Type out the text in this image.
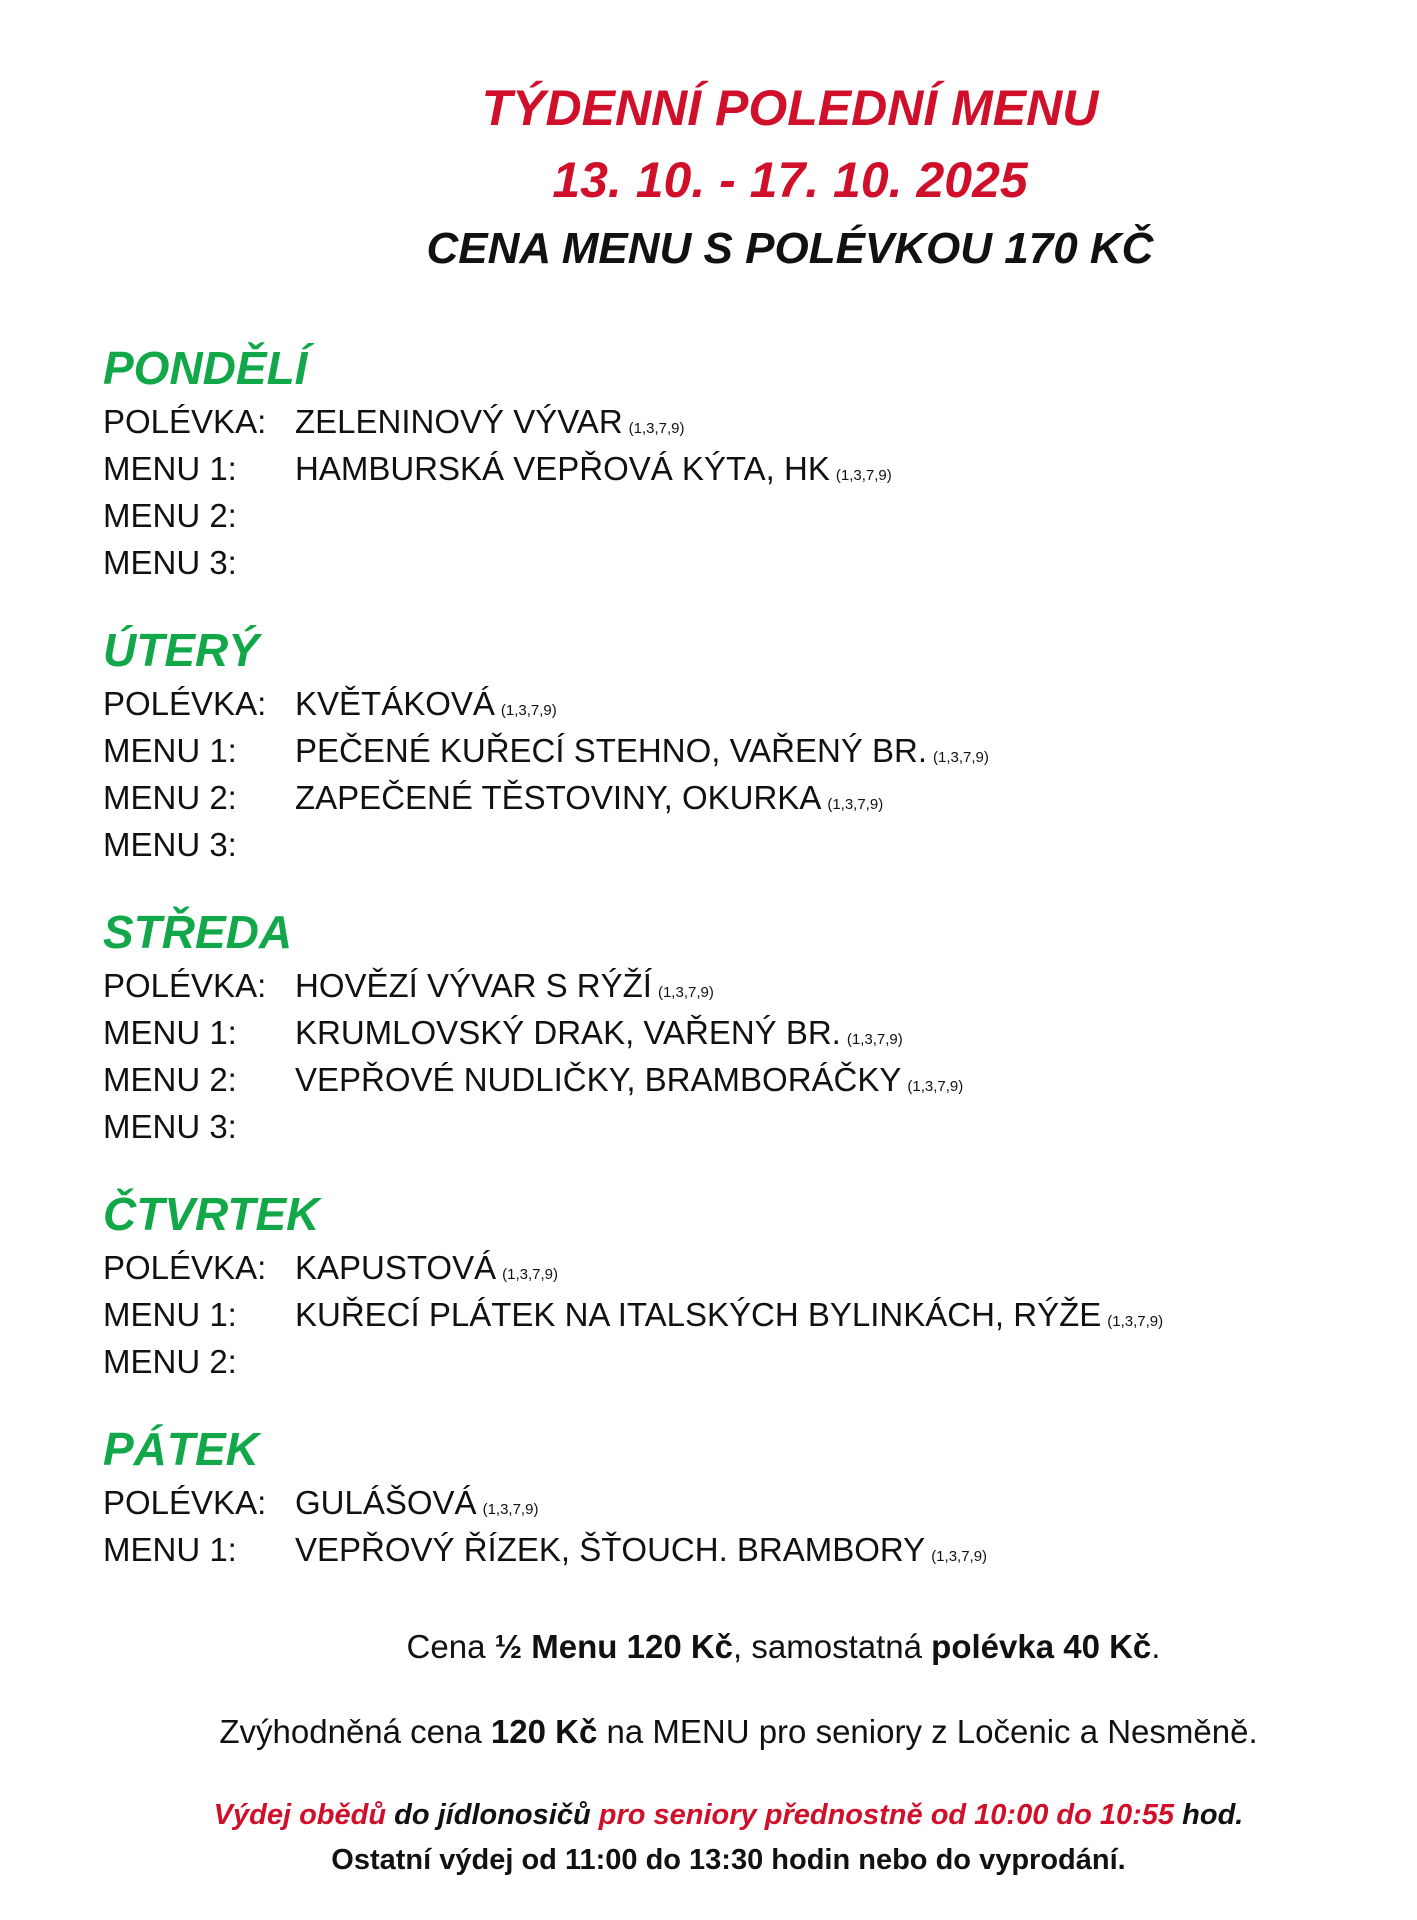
TÝDENNÍ POLEDNÍ MENU
13. 10. - 17. 10. 2025
CENA MENU S POLÉVKOU 170 KČ
PONDĚLÍ
POLÉVKA: ZELENINOVÝ VÝVAR (1,3,7,9)
MENU 1:	HAMBURSKÁ VEPŘOVÁ KÝTA, HK (1,3,7,9)
MENU 2:
MENU 3:
ÚTERÝ
POLÉVKA: KVĚTÁKOVÁ (1,3,7,9)
MENU 1:	PEČENÉ KUŘECÍ STEHNO, VAŘENÝ BR. (1,3,7,9)
MENU 2:	ZAPEČENÉ TĚSTOVINY, OKURKA (1,3,7,9)
MENU 3:
STŘEDA
POLÉVKA: HOVĚZÍ VÝVAR S RÝŽÍ (1,3,7,9)
MENU 1:	KRUMLOVSKÝ DRAK, VAŘENÝ BR. (1,3,7,9)
MENU 2:	VEPŘOVÉ NUDLIČKY, BRAMBORÁČKY (1,3,7,9)
MENU 3:
ČTVRTEK
POLÉVKA: KAPUSTOVÁ (1,3,7,9)
MENU 1:	KUŘECÍ PLÁTEK NA ITALSKÝCH BYLINKÁCH, RÝŽE (1,3,7,9)
MENU 2:
PÁTEK
POLÉVKA: GULÁŠOVÁ (1,3,7,9)
MENU 1:	VEPŘOVÝ ŘÍZEK, ŠŤOUCH. BRAMBORY (1,3,7,9)
Cena ½ Menu 120 Kč, samostatná polévka 40 Kč.
Zvýhodněná cena 120 Kč na MENU pro seniory z Ločenic a Nesměně.
Výdej obědů do jídlonosičů pro seniory přednostně od 10:00 do 10:55 hod.
Ostatní výdej od 11:00 do 13:30 hodin nebo do vyprodání.
